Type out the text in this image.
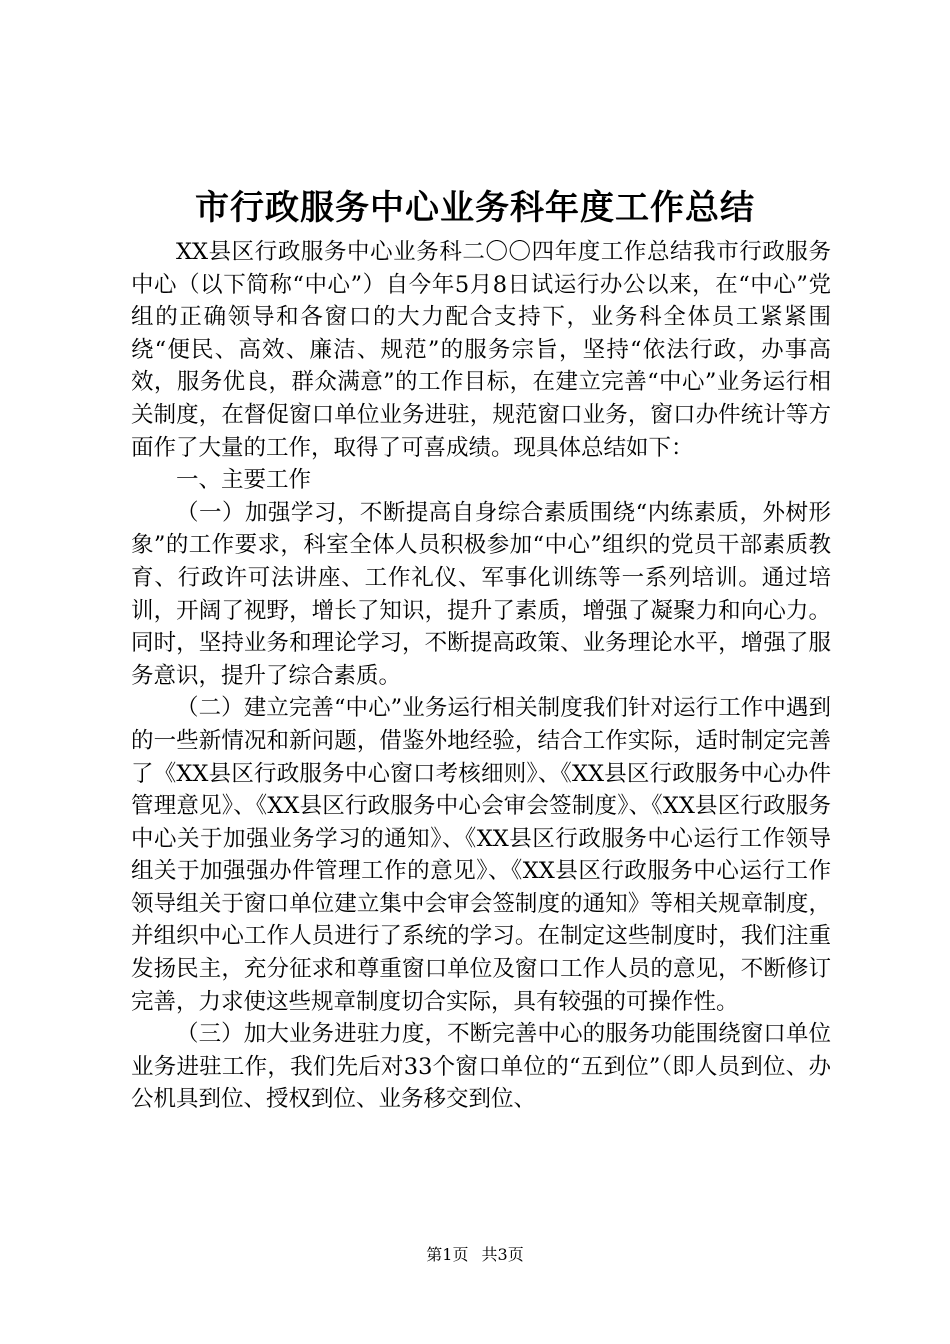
市行政服务中心业务科年度工作总结

XX县区行政服务中心业务科二〇〇四年度工作总结我市行政服务中心（以下简称“中心”）自今年5月8日试运行办公以来，在“中心”党组的正确领导和各窗口的大力配合支持下，业务科全体员工紧紧围绕“便民、高效、廉洁、规范”的服务宗旨，坚持“依法行政，办事高效，服务优良，群众满意”的工作目标，在建立完善“中心”业务运行相关制度，在督促窗口单位业务进驻，规范窗口业务，窗口办件统计等方面作了大量的工作，取得了可喜成绩。现具体总结如下：

一、主要工作

（一）加强学习，不断提高自身综合素质围绕“内练素质，外树形象”的工作要求，科室全体人员积极参加“中心”组织的党员干部素质教育、行政许可法讲座、工作礼仪、军事化训练等一系列培训。通过培训，开阔了视野，增长了知识，提升了素质，增强了凝聚力和向心力。同时，坚持业务和理论学习，不断提高政策、业务理论水平，增强了服务意识，提升了综合素质。

（二）建立完善“中心”业务运行相关制度我们针对运行工作中遇到的一些新情况和新问题，借鉴外地经验，结合工作实际，适时制定完善了《XX县区行政服务中心窗口考核细则》、《XX县区行政服务中心办件管理意见》、《XX县区行政服务中心会审会签制度》、《XX县区行政服务中心关于加强业务学习的通知》、《XX县区行政服务中心运行工作领导组关于加强强办件管理工作的意见》、《XX县区行政服务中心运行工作领导组关于窗口单位建立集中会审会签制度的通知》等相关规章制度，并组织中心工作人员进行了系统的学习。在制定这些制度时，我们注重发扬民主，充分征求和尊重窗口单位及窗口工作人员的意见，不断修订完善，力求使这些规章制度切合实际，具有较强的可操作性。

（三）加大业务进驻力度，不断完善中心的服务功能围绕窗口单位业务进驻工作，我们先后对33个窗口单位的“五到位”（即人员到位、办公机具到位、授权到位、业务移交到位、

第1页 共3页
